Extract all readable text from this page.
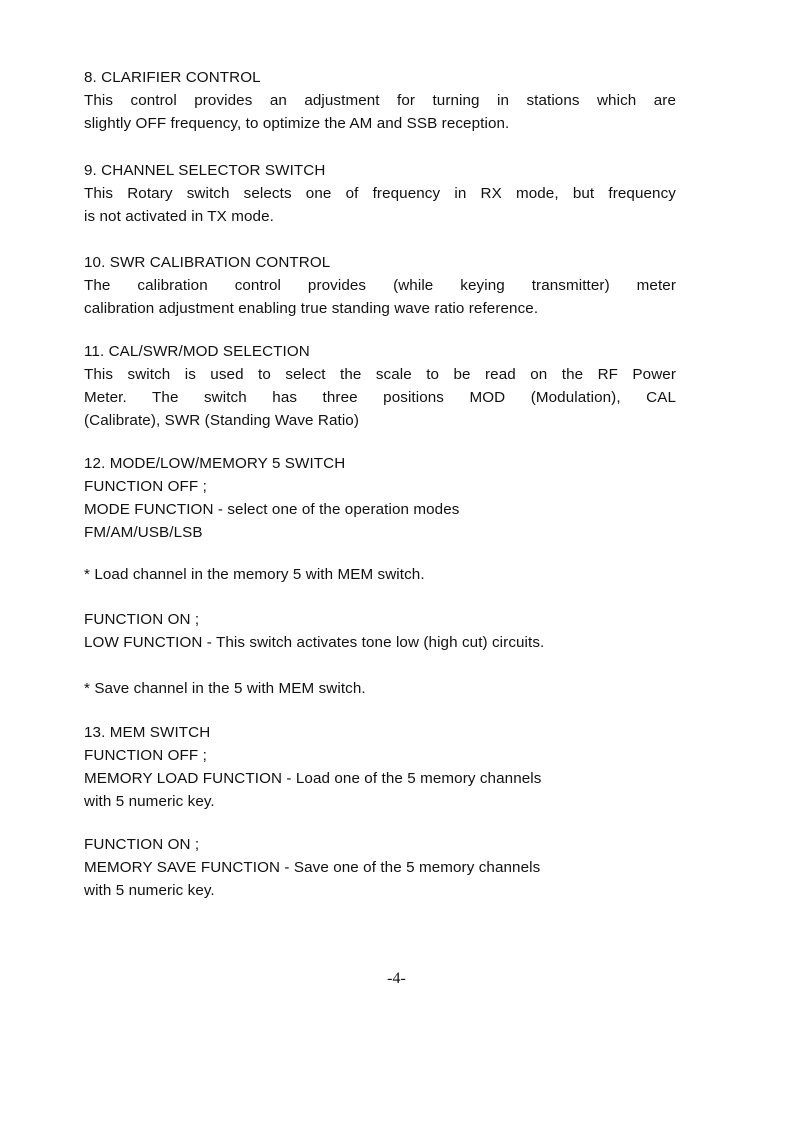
8. CLARIFIER CONTROL
This control provides an adjustment for turning in stations which are
slightly OFF frequency, to optimize the AM and SSB reception.
9. CHANNEL SELECTOR SWITCH
This Rotary switch selects one of frequency in RX mode, but frequency
is not activated in TX mode.
10. SWR CALIBRATION CONTROL
The calibration control provides (while keying transmitter) meter
calibration adjustment enabling true standing wave ratio reference.
11. CAL/SWR/MOD SELECTION
This switch is used to select the scale to be read on the RF Power
Meter. The switch has three positions MOD (Modulation), CAL
(Calibrate), SWR (Standing Wave Ratio)
12. MODE/LOW/MEMORY 5 SWITCH
FUNCTION OFF ;
MODE FUNCTION - select one of the operation modes
FM/AM/USB/LSB
* Load channel in the memory 5 with MEM switch.
FUNCTION ON ;
LOW FUNCTION - This switch activates tone low (high cut) circuits.
* Save channel in the 5 with MEM switch.
13. MEM SWITCH
FUNCTION OFF ;
MEMORY LOAD FUNCTION - Load one of the 5 memory channels
with 5 numeric key.
FUNCTION ON ;
MEMORY SAVE FUNCTION - Save one of the 5 memory channels
with 5 numeric key.
-4-
